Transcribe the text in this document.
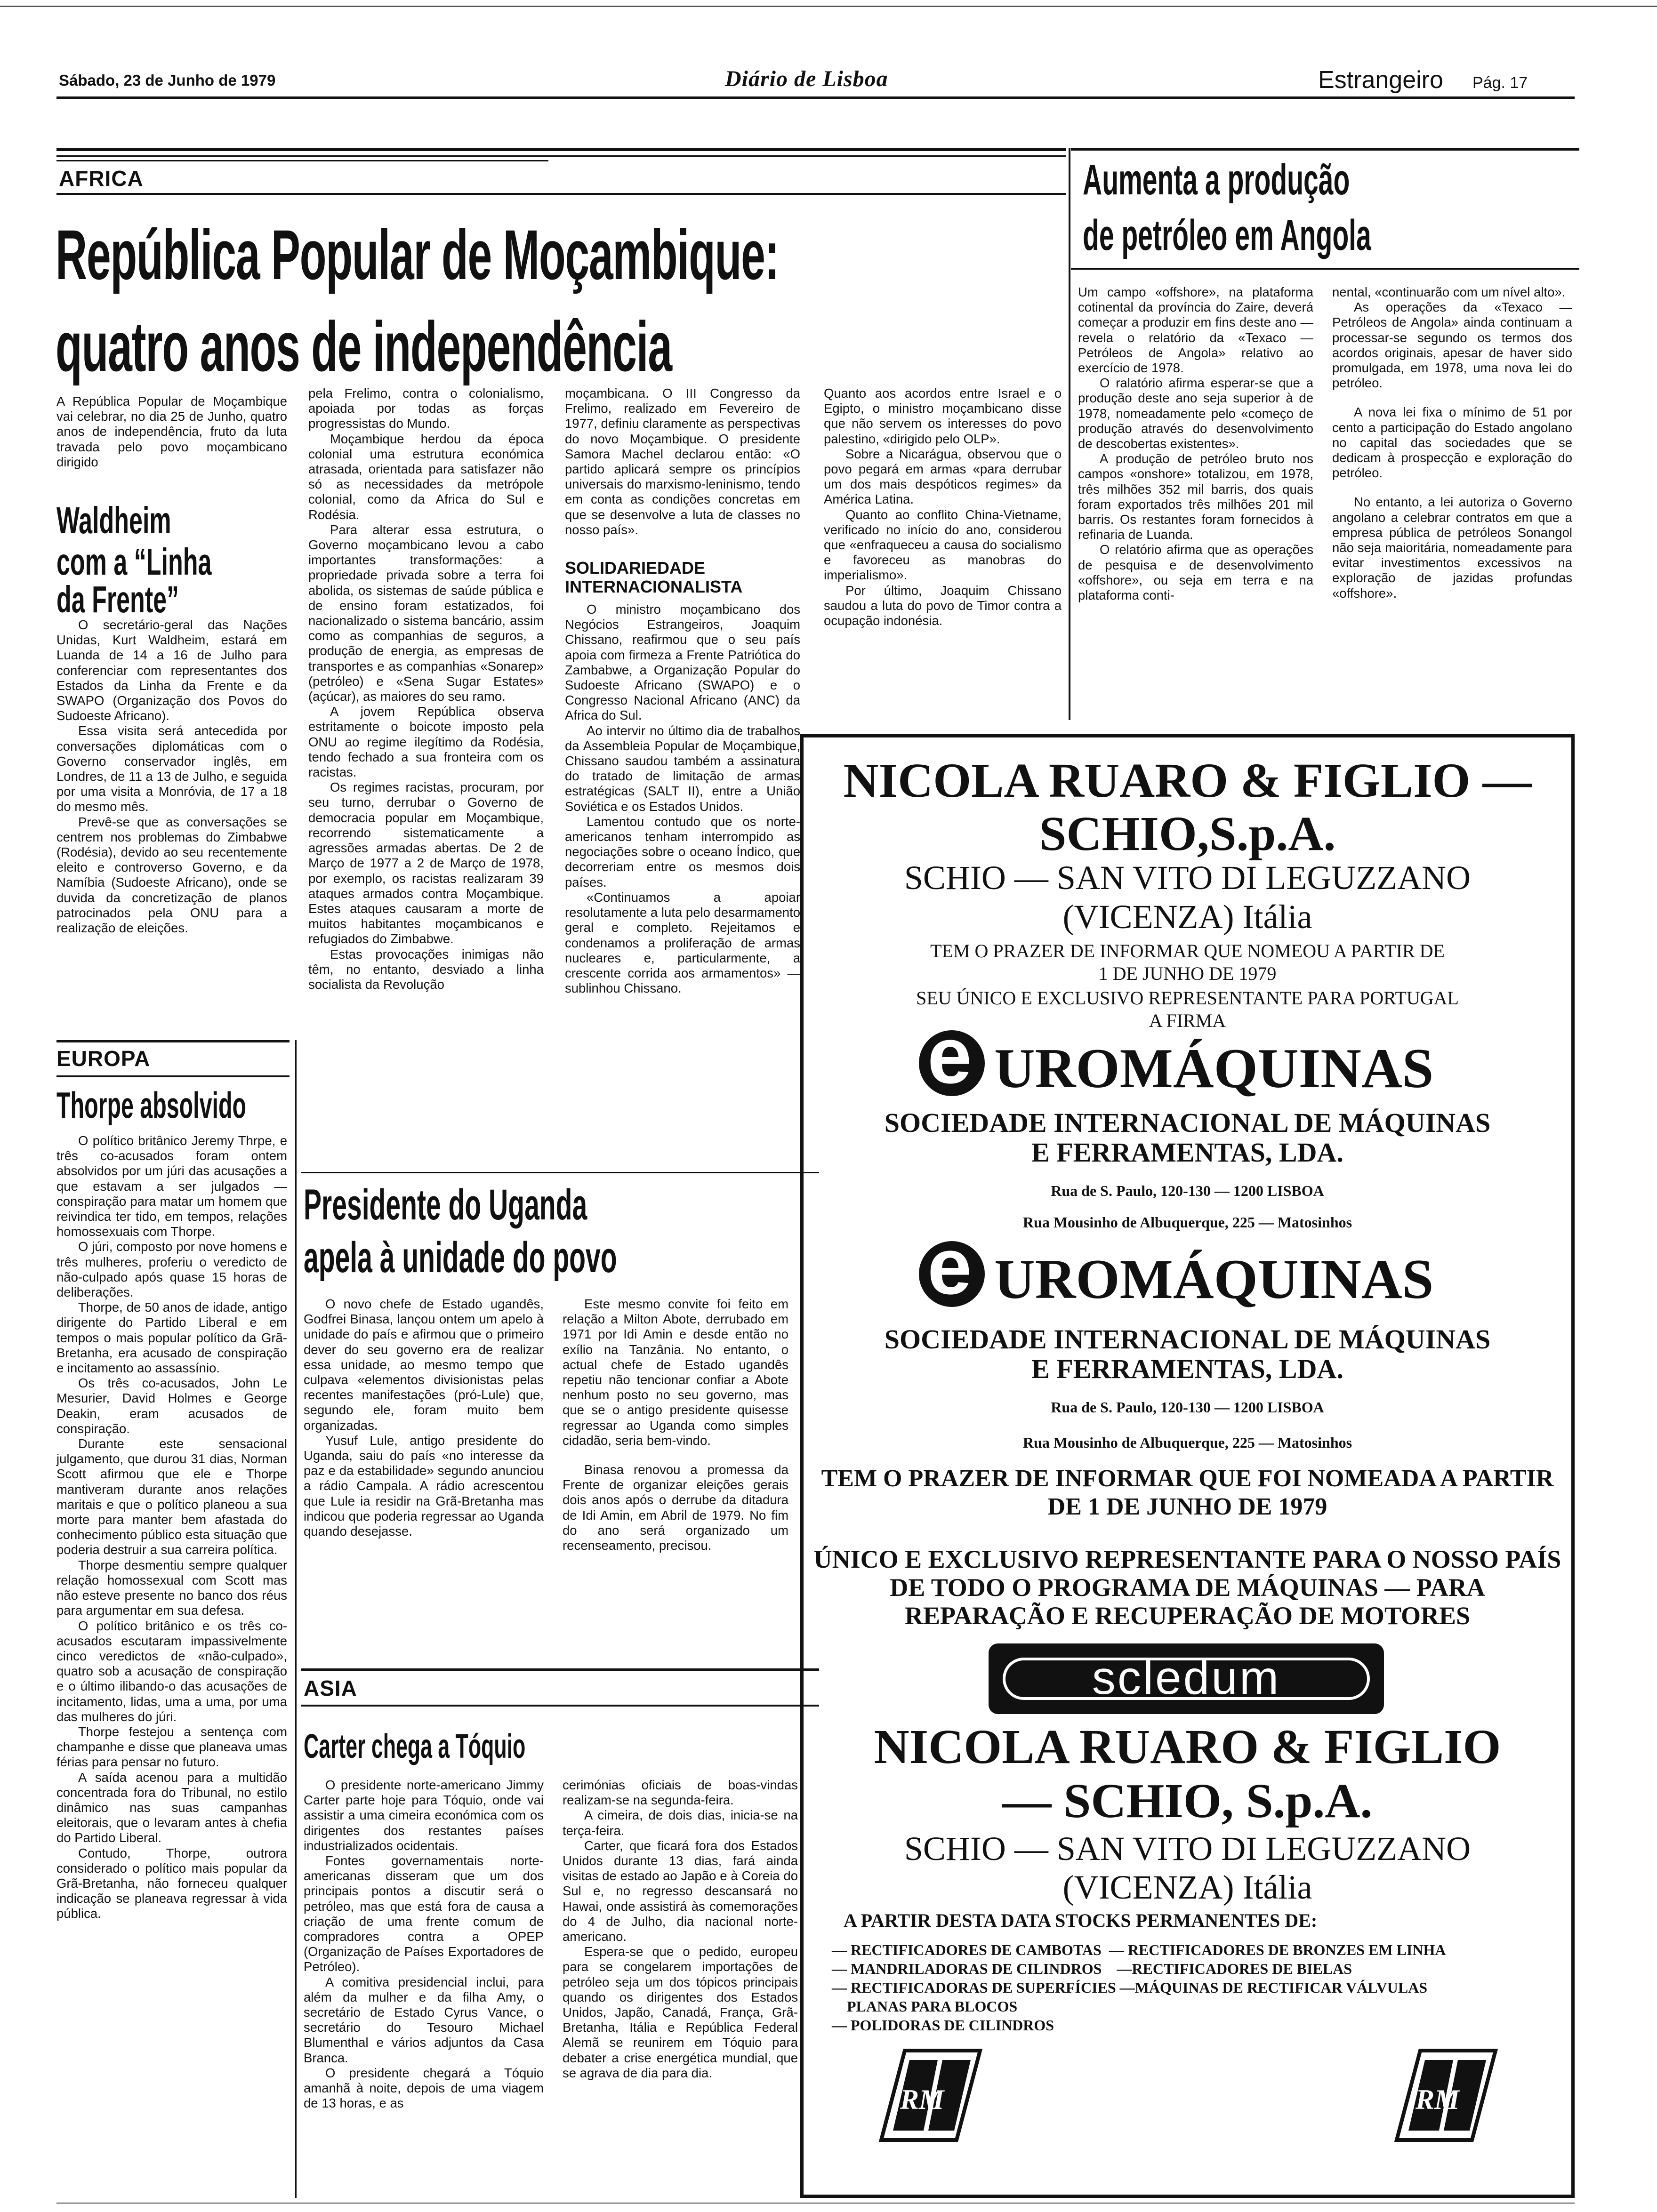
Sábado, 23 de Junho de 1979	Diário de Lisboa	Estrangeiro Pág. 17
AFRICA
República Popular de Moçambique:
quatro anos de independência

A República Popular de Moçambique vai celebrar, no dia 25 de Junho, quatro anos de independência, fruto da luta travada pelo povo moçambicano dirigido

pela Frelimo, contra o colonialismo, apoiada por todas as forças progressistas do Mundo.

Moçambique herdou da época colonial uma estrutura económica atrasada, orientada para satisfazer não só as necessidades da metrópole colonial, como da Africa do Sul e Rodésia.

Para alterar essa estrutura, o Governo moçambicano levou a cabo importantes transformações: a propriedade privada sobre a terra foi abolida, os sistemas de saúde pública e de ensino foram estatizados, foi nacionalizado o sistema bancário, assim como as companhias de seguros, a produção de energia, as empresas de transportes e as companhias «Sonarep» (petróleo) e «Sena Sugar Estates» (açúcar), as maiores do seu ramo.

A jovem República observa estritamente o boicote imposto pela ONU ao regime ilegítimo da Rodésia, tendo fechado a sua fronteira com os racistas.

Os regimes racistas, procuram, por seu turno, derrubar o Governo de democracia popular em Moçambique, recorrendo sistematicamente a agressões armadas abertas. De 2 de Março de 1977 a 2 de Março de 1978, por exemplo, os racistas realizaram 39 ataques armados contra Moçambique. Estes ataques causaram a morte de muitos habitantes moçambicanos e refugiados do Zimbabwe.

Estas provocações inimigas não têm, no entanto, desviado a linha socialista da Revolução

moçambicana. O III Congresso da Frelimo, realizado em Fevereiro de 1977, definiu claramente as perspectivas do novo Moçambique. O presidente Samora Machel declarou então: «O partido aplicará sempre os princípios universais do marxismo-leninismo, tendo em conta as condições concretas em que se desenvolve a luta de classes no nosso país».

SOLIDARIEDADE INTERNACIONALISTA

O ministro moçambicano dos Negócios Estrangeiros, Joaquim Chissano, reafirmou que o seu país apoia com firmeza a Frente Patriótica do Zambabwe, a Organização Popular do Sudoeste Africano (SWAPO) e o Congresso Nacional Africano (ANC) da Africa do Sul.

Ao intervir no último dia de trabalhos da Assembleia Popular de Moçambique, Chissano saudou também a assinatura do tratado de limitação de armas estratégicas (SALT II), entre a União Soviética e os Estados Unidos.

Lamentou contudo que os norte-americanos tenham interrompido as negociações sobre o oceano Índico, que decorreriam entre os mesmos dois países.

«Continuamos a apoiar resolutamente a luta pelo desarmamento geral e completo. Rejeitamos e condenamos a proliferação de armas nucleares e, particularmente, a crescente corrida aos armamentos» — sublinhou Chissano.

Quanto aos acordos entre Israel e o Egipto, o ministro moçambicano disse que não servem os interesses do povo palestino, «dirigido pelo OLP».

Sobre a Nicarágua, observou que o povo pegará em armas «para derrubar um dos mais despóticos regimes» da América Latina.

Quanto ao conflito China-Vietname, verificado no início do ano, considerou que «enfraqueceu a causa do socialismo e favoreceu as manobras do imperialismo».

Por último, Joaquim Chissano saudou a luta do povo de Timor contra a ocupação indonésia.

Waldheim
com a “Linha
da Frente”

O secretário-geral das Nações Unidas, Kurt Waldheim, estará em Luanda de 14 a 16 de Julho para conferenciar com representantes dos Estados da Linha da Frente e da SWAPO (Organização dos Povos do Sudoeste Africano).

Essa visita será antecedida por conversações diplomáticas com o Governo conservador inglês, em Londres, de 11 a 13 de Julho, e seguida por uma visita a Monróvia, de 17 a 18 do mesmo mês.

Prevê-se que as conversações se centrem nos problemas do Zimbabwe (Rodésia), devido ao seu recentemente eleito e controverso Governo, e da Namíbia (Sudoeste Africano), onde se duvida da concretização de planos patrocinados pela ONU para a realização de eleições.

EUROPA
Thorpe absolvido

O político britânico Jeremy Thrpe, e três co-acusados foram ontem absolvidos por um júri das acusações a que estavam a ser julgados — conspiração para matar um homem que reivindica ter tido, em tempos, relações homossexuais com Thorpe.

O júri, composto por nove homens e três mulheres, proferiu o veredicto de não-culpado após quase 15 horas de deliberações.

Thorpe, de 50 anos de idade, antigo dirigente do Partido Liberal e em tempos o mais popular político da Grã-Bretanha, era acusado de conspiração e incitamento ao assassínio.

Os três co-acusados, John Le Mesurier, David Holmes e George Deakin, eram acusados de conspiração.

Durante este sensacional julgamento, que durou 31 dias, Norman Scott afirmou que ele e Thorpe mantiveram durante anos relações maritais e que o político planeou a sua morte para manter bem afastada do conhecimento público esta situação que poderia destruir a sua carreira política.

Thorpe desmentiu sempre qualquer relação homossexual com Scott mas não esteve presente no banco dos réus para argumentar em sua defesa.

O político britânico e os três co-acusados escutaram impassivelmente cinco veredictos de «não-culpado», quatro sob a acusação de conspiração e o último ilibando-o das acusações de incitamento, lidas, uma a uma, por uma das mulheres do júri.

Thorpe festejou a sentença com champanhe e disse que planeava umas férias para pensar no futuro.

A saída acenou para a multidão concentrada fora do Tribunal, no estilo dinâmico nas suas campanhas eleitorais, que o levaram antes à chefia do Partido Liberal.

Contudo, Thorpe, outrora considerado o político mais popular da Grã-Bretanha, não forneceu qualquer indicação se planeava regressar à vida pública.

Presidente do Uganda
apela à unidade do povo

O novo chefe de Estado ugandês, Godfrei Binasa, lançou ontem um apelo à unidade do país e afirmou que o primeiro dever do seu governo era de realizar essa unidade, ao mesmo tempo que culpava «elementos divisionistas pelas recentes manifestações (pró-Lule) que, segundo ele, foram muito bem organizadas.

Yusuf Lule, antigo presidente do Uganda, saiu do país «no interesse da paz e da estabilidade» segundo anunciou a rádio Campala. A rádio acrescentou que Lule ia residir na Grã-Bretanha mas indicou que poderia regressar ao Uganda quando desejasse.

Este mesmo convite foi feito em relação a Milton Abote, derrubado em 1971 por Idi Amin e desde então no exílio na Tanzânia. No entanto, o actual chefe de Estado ugandês repetiu não tencionar confiar a Abote nenhum posto no seu governo, mas que se o antigo presidente quisesse regressar ao Uganda como simples cidadão, seria bem-vindo.

Binasa renovou a promessa da Frente de organizar eleições gerais dois anos após o derrube da ditadura de Idi Amin, em Abril de 1979. No fim do ano será organizado um recenseamento, precisou.

ASIA
Carter chega a Tóquio

O presidente norte-americano Jimmy Carter parte hoje para Tóquio, onde vai assistir a uma cimeira económica com os dirigentes dos restantes países industrializados ocidentais.

Fontes governamentais norte-americanas disseram que um dos principais pontos a discutir será o petróleo, mas que está fora de causa a criação de uma frente comum de compradores contra a OPEP (Organização de Países Exportadores de Petróleo).

A comitiva presidencial inclui, para além da mulher e da filha Amy, o secretário de Estado Cyrus Vance, o secretário do Tesouro Michael Blumenthal e vários adjuntos da Casa Branca.

O presidente chegará a Tóquio amanhã à noite, depois de uma viagem de 13 horas, e as

cerimónias oficiais de boas-vindas realizam-se na segunda-feira.

A cimeira, de dois dias, inicia-se na terça-feira.

Carter, que ficará fora dos Estados Unidos durante 13 dias, fará ainda visitas de estado ao Japão e à Coreia do Sul e, no regresso descansará no Hawai, onde assistirá às comemorações do 4 de Julho, dia nacional norte-americano.

Espera-se que o pedido, europeu para se congelarem importações de petróleo seja um dos tópicos principais quando os dirigentes dos Estados Unidos, Japão, Canadá, França, Grã-Bretanha, Itália e República Federal Alemã se reunirem em Tóquio para debater a crise energética mundial, que se agrava de dia para dia.

Aumenta a produção
de petróleo em Angola

Um campo «offshore», na plataforma cotinental da província do Zaire, deverá começar a produzir em fins deste ano — revela o relatório da «Texaco — Petróleos de Angola» relativo ao exercício de 1978.

O ralatório afirma esperar-se que a produção deste ano seja superior à de 1978, nomeadamente pelo «começo de produção através do desenvolvimento de descobertas existentes».

A produção de petróleo bruto nos campos «onshore» totalizou, em 1978, três milhões 352 mil barris, dos quais foram exportados três milhões 201 mil barris. Os restantes foram fornecidos à refinaria de Luanda.

O relatório afirma que as operações de pesquisa e de desenvolvimento «offshore», ou seja em terra e na plataforma conti-

nental, «continuarão com um nível alto».

As operações da «Texaco — Petróleos de Angola» ainda continuam a processar-se segundo os termos dos acordos originais, apesar de haver sido promulgada, em 1978, uma nova lei do petróleo.

A nova lei fixa o mínimo de 51 por cento a participação do Estado angolano no capital das sociedades que se dedicam à prospecção e exploração do petróleo.

No entanto, a lei autoriza o Governo angolano a celebrar contratos em que a empresa pública de petróleos Sonangol não seja maioritária, nomeadamente para evitar investimentos excessivos na exploração de jazidas profundas «offshore».

NICOLA RUARO & FIGLIO —
SCHIO,S.p.A.
SCHIO — SAN VITO DI LEGUZZANO
(VICENZA) Itália
TEM O PRAZER DE INFORMAR QUE NOMEOU A PARTIR DE
1 DE JUNHO DE 1979
SEU ÚNICO E EXCLUSIVO REPRESENTANTE PARA PORTUGAL
A FIRMA
e UROMÁQUINAS
SOCIEDADE INTERNACIONAL DE MÁQUINAS
E FERRAMENTAS, LDA.
Rua de S. Paulo, 120-130 — 1200 LISBOA
Rua Mousinho de Albuquerque, 225 — Matosinhos
e UROMÁQUINAS
SOCIEDADE INTERNACIONAL DE MÁQUINAS
E FERRAMENTAS, LDA.
Rua de S. Paulo, 120-130 — 1200 LISBOA
Rua Mousinho de Albuquerque, 225 — Matosinhos
TEM O PRAZER DE INFORMAR QUE FOI NOMEADA A PARTIR
DE 1 DE JUNHO DE 1979
ÚNICO E EXCLUSIVO REPRESENTANTE PARA O NOSSO PAÍS
DE TODO O PROGRAMA DE MÁQUINAS — PARA
REPARAÇÃO E RECUPERAÇÃO DE MOTORES
scledum
NICOLA RUARO & FIGLIO
— SCHIO, S.p.A.
SCHIO — SAN VITO DI LEGUZZANO
(VICENZA) Itália
A PARTIR DESTA DATA STOCKS PERMANENTES DE:
— RECTIFICADORES DE CAMBOTAS  — RECTIFICADORES DE BRONZES EM LINHA
— MANDRILADORAS DE CILINDROS    —RECTIFICADORES DE BIELAS
— RECTIFICADORAS DE SUPERFÍCIES —MÁQUINAS DE RECTIFICAR VÁLVULAS
PLANAS PARA BLOCOS
— POLIDORAS DE CILINDROS
RM	RM
